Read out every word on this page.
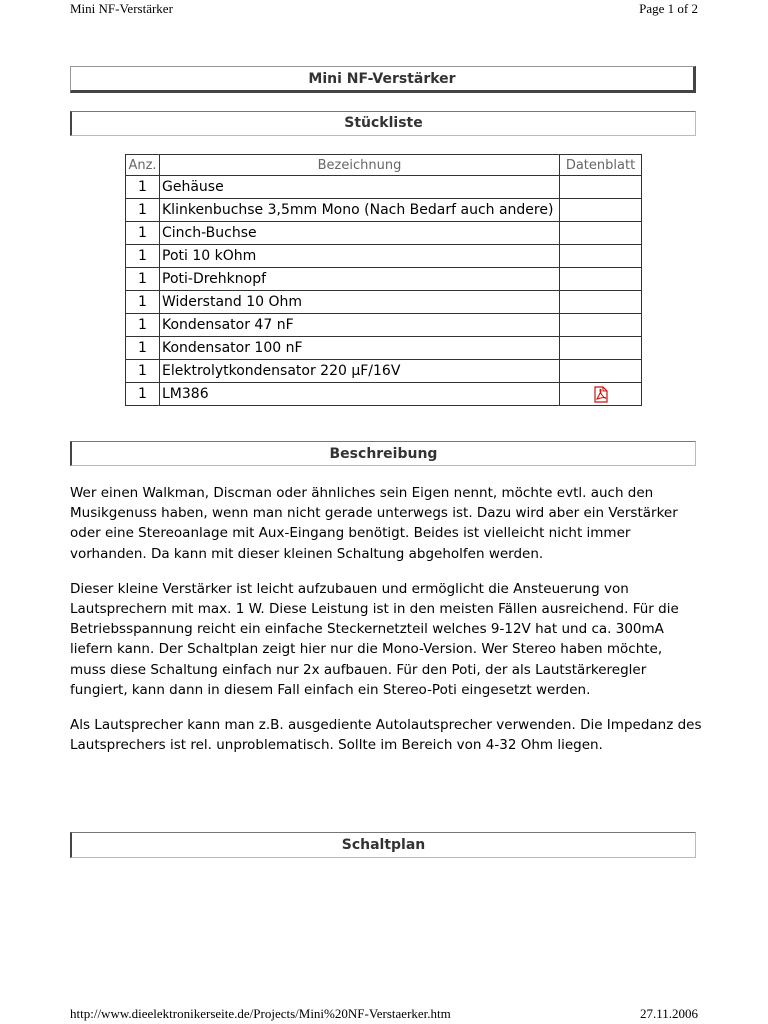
Mini NF-Verstärker	Page 1 of 2
Mini NF-Verstärker
Stückliste
Anz.	Bezeichnung	Datenblatt
1	Gehäuse	
1	Klinkenbuchse 3,5mm Mono (Nach Bedarf auch andere)	
1	Cinch-Buchse	
1	Poti 10 kOhm	
1	Poti-Drehknopf	
1	Widerstand 10 Ohm	
1	Kondensator 47 nF	
1	Kondensator 100 nF	
1	Elektrolytkondensator 220 µF/16V	
1	LM386	
Beschreibung

Wer einen Walkman, Discman oder ähnliches sein Eigen nennt, möchte evtl. auch den Musikgenuss haben, wenn man nicht gerade unterwegs ist. Dazu wird aber ein Verstärker oder eine Stereoanlage mit Aux-Eingang benötigt. Beides ist vielleicht nicht immer vorhanden. Da kann mit dieser kleinen Schaltung abgeholfen werden.

Dieser kleine Verstärker ist leicht aufzubauen und ermöglicht die Ansteuerung von Lautsprechern mit max. 1 W. Diese Leistung ist in den meisten Fällen ausreichend. Für die Betriebsspannung reicht ein einfache Steckernetzteil welches 9-12V hat und ca. 300mA liefern kann. Der Schaltplan zeigt hier nur die Mono-Version. Wer Stereo haben möchte, muss diese Schaltung einfach nur 2x aufbauen. Für den Poti, der als Lautstärkeregler fungiert, kann dann in diesem Fall einfach ein Stereo-Poti eingesetzt werden.

Als Lautsprecher kann man z.B. ausgediente Autolautsprecher verwenden. Die Impedanz des Lautsprechers ist rel. unproblematisch. Sollte im Bereich von 4-32 Ohm liegen.

Schaltplan
http://www.dieelektronikerseite.de/Projects/Mini%20NF-Verstaerker.htm	27.11.2006
